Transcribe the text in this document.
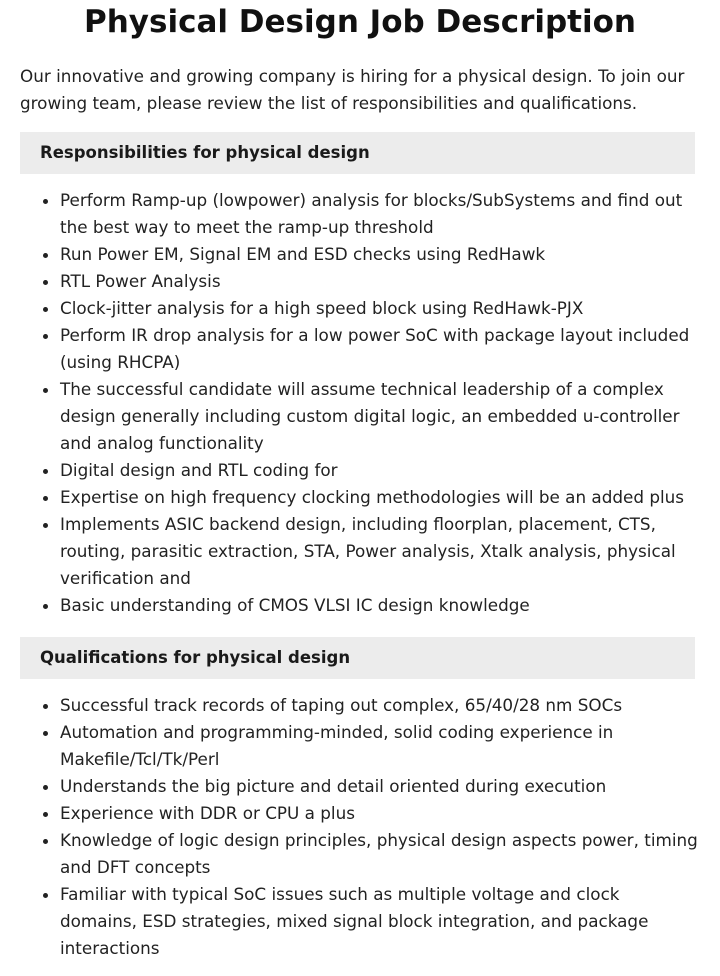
Physical Design Job Description

Our innovative and growing company is hiring for a physical design. To join our growing team, please review the list of responsibilities and qualifications.

Responsibilities for physical design
Perform Ramp-up (lowpower) analysis for blocks/SubSystems and find out the best way to meet the ramp-up threshold
Run Power EM, Signal EM and ESD checks using RedHawk
RTL Power Analysis
Clock-jitter analysis for a high speed block using RedHawk-PJX
Perform IR drop analysis for a low power SoC with package layout included (using RHCPA)
The successful candidate will assume technical leadership of a complex design generally including custom digital logic, an embedded u-controller and analog functionality
Digital design and RTL coding for
Expertise on high frequency clocking methodologies will be an added plus
Implements ASIC backend design, including floorplan, placement, CTS, routing, parasitic extraction, STA, Power analysis, Xtalk analysis, physical verification and
Basic understanding of CMOS VLSI IC design knowledge
Qualifications for physical design
Successful track records of taping out complex, 65/40/28 nm SOCs
Automation and programming-minded, solid coding experience in Makefile/Tcl/Tk/Perl
Understands the big picture and detail oriented during execution
Experience with DDR or CPU a plus
Knowledge of logic design principles, physical design aspects power, timing and DFT concepts
Familiar with typical SoC issues such as multiple voltage and clock domains, ESD strategies, mixed signal block integration, and package interactions
